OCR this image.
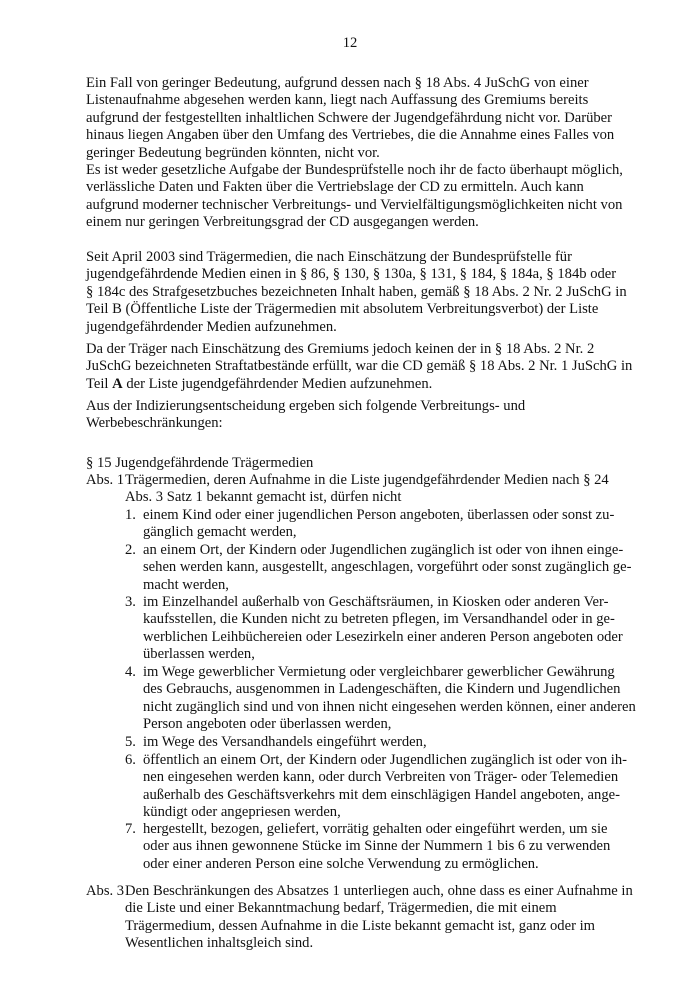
12
Ein Fall von geringer Bedeutung, aufgrund dessen nach § 18 Abs. 4 JuSchG von einer
Listenaufnahme abgesehen werden kann, liegt nach Auffassung des Gremiums bereits
aufgrund der festgestellten inhaltlichen Schwere der Jugendgefährdung nicht vor. Darüber
hinaus liegen Angaben über den Umfang des Vertriebes, die die Annahme eines Falles von
geringer Bedeutung begründen könnten, nicht vor.
Es ist weder gesetzliche Aufgabe der Bundesprüfstelle noch ihr de facto überhaupt möglich,
verlässliche Daten und Fakten über die Vertriebslage der CD zu ermitteln. Auch kann
aufgrund moderner technischer Verbreitungs- und Vervielfältigungsmöglichkeiten nicht von
einem nur geringen Verbreitungsgrad der CD ausgegangen werden.
Seit April 2003 sind Trägermedien, die nach Einschätzung der Bundesprüfstelle für
jugendgefährdende Medien einen in § 86, § 130, § 130a, § 131, § 184, § 184a, § 184b oder
§ 184c des Strafgesetzbuches bezeichneten Inhalt haben, gemäß § 18 Abs. 2 Nr. 2 JuSchG in
Teil B (Öffentliche Liste der Trägermedien mit absolutem Verbreitungsverbot) der Liste
jugendgefährdender Medien aufzunehmen.
Da der Träger nach Einschätzung des Gremiums jedoch keinen der in § 18 Abs. 2 Nr. 2
JuSchG bezeichneten Straftatbestände erfüllt, war die CD gemäß § 18 Abs. 2 Nr. 1 JuSchG in
Teil A der Liste jugendgefährdender Medien aufzunehmen.
Aus der Indizierungsentscheidung ergeben sich folgende Verbreitungs- und
Werbebeschränkungen:
§ 15 Jugendgefährdende Trägermedien
Abs. 1 Trägermedien, deren Aufnahme in die Liste jugendgefährdender Medien nach § 24
Abs. 3 Satz 1 bekannt gemacht ist, dürfen nicht
1. einem Kind oder einer jugendlichen Person angeboten, überlassen oder sonst zu-
gänglich gemacht werden,
2. an einem Ort, der Kindern oder Jugendlichen zugänglich ist oder von ihnen einge-
sehen werden kann, ausgestellt, angeschlagen, vorgeführt oder sonst zugänglich ge-
macht werden,
3. im Einzelhandel außerhalb von Geschäftsräumen, in Kiosken oder anderen Ver-
kaufsstellen, die Kunden nicht zu betreten pflegen, im Versandhandel oder in ge-
werblichen Leihbüchereien oder Lesezirkeln einer anderen Person angeboten oder
überlassen werden,
4. im Wege gewerblicher Vermietung oder vergleichbarer gewerblicher Gewährung
des Gebrauchs, ausgenommen in Ladengeschäften, die Kindern und Jugendlichen
nicht zugänglich sind und von ihnen nicht eingesehen werden können, einer anderen
Person angeboten oder überlassen werden,
5. im Wege des Versandhandels eingeführt werden,
6. öffentlich an einem Ort, der Kindern oder Jugendlichen zugänglich ist oder von ih-
nen eingesehen werden kann, oder durch Verbreiten von Träger- oder Telemedien
außerhalb des Geschäftsverkehrs mit dem einschlägigen Handel angeboten, ange-
kündigt oder angepriesen werden,
7. hergestellt, bezogen, geliefert, vorrätig gehalten oder eingeführt werden, um sie
oder aus ihnen gewonnene Stücke im Sinne der Nummern 1 bis 6 zu verwenden
oder einer anderen Person eine solche Verwendung zu ermöglichen.
Abs. 3 Den Beschränkungen des Absatzes 1 unterliegen auch, ohne dass es einer Aufnahme in
die Liste und einer Bekanntmachung bedarf, Trägermedien, die mit einem
Trägermedium, dessen Aufnahme in die Liste bekannt gemacht ist, ganz oder im
Wesentlichen inhaltsgleich sind.
